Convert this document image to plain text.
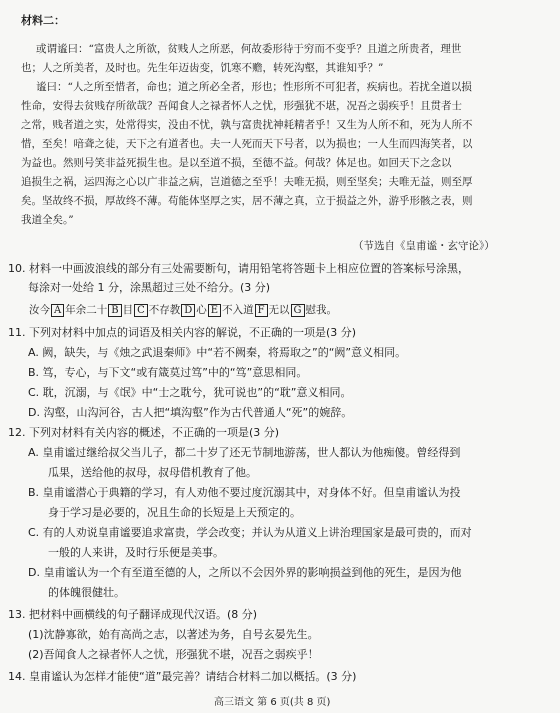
材料二：
或谓谧曰：“富贵人之所欲，贫贱人之所恶，何故委形待于穷而不变乎？且道之所贵者，理世
也；人之所美者，及时也。先生年迈齿变，饥寒不赡，转死沟壑，其谁知乎？”
谧曰：“人之所至惜者，命也；道之所必全者，形也；性形所不可犯者，疾病也。若扰全道以损
性命，安得去贫贱存所欲哉？吾闻食人之禄者怀人之忧，形强犹不堪，况吾之弱疾乎！且贯者士
之常，贱者道之实，处常得实，没由不忧，孰与富贵扰神耗精者乎！又生为人所不和，死为人所不
惜，至矣！喑聋之徒，天下之有道者也。夫一人死而天下号者，以为损也；一人生而四海笑者，以
为益也。然则号笑非益死损生也。是以至道不损，至德不益。何哉？体足也。如回天下之念以
追损生之祸，运四海之心以广非益之病，岂道德之至乎！夫唯无损，则至坚矣；夫唯无益，则至厚
矣。坚故终不损，厚故终不薄。苟能体坚厚之实，居不薄之真，立于损益之外，游乎形骸之表，则
我道全矣。”
（节选自《皇甫谧・玄守论》）
10. 材料一中画波浪线的部分有三处需要断句，请用铅笔将答题卡上相应位置的答案标号涂黑，
每涂对一处给 1 分，涂黑超过三处不给分。(3 分)
汝今 A 年余二十 B 目 C 不存教 D 心 E 不入道 F 无以 G 慰我。
11. 下列对材料中加点的词语及相关内容的解说，不正确的一项是(3 分)
A. 阙，缺失，与《烛之武退秦师》中“若不阙秦，将焉取之”的“阙”意义相同。
B. 笃，专心，与下文“或有箴莫过笃”中的“笃”意思相同。
C. 耽，沉溺，与《氓》中“士之耽兮，犹可说也”的“耽”意义相同。
D. 沟壑，山沟河谷，古人把“填沟壑”作为古代普通人“死”的婉辞。
12. 下列对材料有关内容的概述，不正确的一项是(3 分)
A. 皇甫谧过继给叔父当儿子，都二十岁了还无节制地游荡，世人都认为他痴傻。曾经得到
瓜果，送给他的叔母，叔母借机教育了他。
B. 皇甫谧潜心于典籍的学习，有人劝他不要过度沉溺其中，对身体不好。但皇甫谧认为投
身于学习是必要的，况且生命的长短是上天预定的。
C. 有的人劝说皇甫谧要追求富贵，学会改变；并认为从道义上讲治理国家是最可贵的，而对
一般的人来讲，及时行乐便是美事。
D. 皇甫谧认为一个有至道至德的人，之所以不会因外界的影响损益到他的死生，是因为他
的体魄很健壮。
13. 把材料中画横线的句子翻译成现代汉语。(8 分)
(1)沈静寡欲，始有高尚之志，以著述为务，自号玄晏先生。
(2)吾闻食人之禄者怀人之忧，形强犹不堪，况吾之弱疾乎！
14. 皇甫谧认为怎样才能使“道”最完善？请结合材料二加以概括。(3 分)
高三语文 第 6 页(共 8 页)
